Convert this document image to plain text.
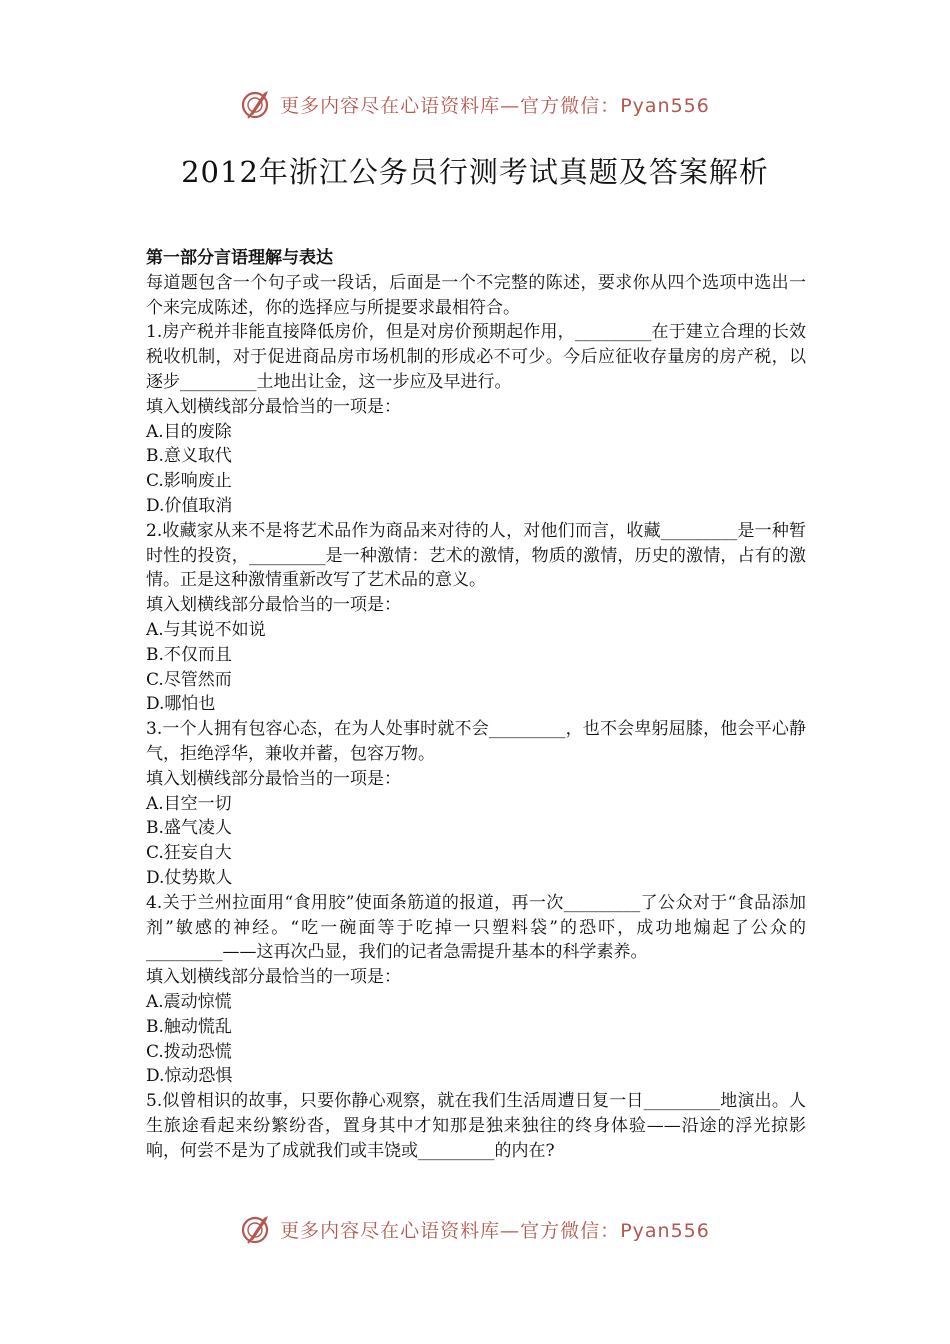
更多内容尽在心语资料库—官方微信：Pyan556
2012年浙江公务员行测考试真题及答案解析

第一部分言语理解与表达

每道题包含一个句子或一段话，后面是一个不完整的陈述，要求你从四个选项中选出一个来完成陈述，你的选择应与所提要求最相符合。

1.房产税并非能直接降低房价，但是对房价预期起作用，_________在于建立合理的长效税收机制，对于促进商品房市场机制的形成必不可少。今后应征收存量房的房产税，以逐步_________土地出让金，这一步应及早进行。

填入划横线部分最恰当的一项是：

A.目的废除

B.意义取代

C.影响废止

D.价值取消

2.收藏家从来不是将艺术品作为商品来对待的人，对他们而言，收藏_________是一种暂时性的投资，_________是一种激情：艺术的激情，物质的激情，历史的激情，占有的激情。正是这种激情重新改写了艺术品的意义。

填入划横线部分最恰当的一项是：

A.与其说不如说

B.不仅而且

C.尽管然而

D.哪怕也

3.一个人拥有包容心态，在为人处事时就不会_________，也不会卑躬屈膝，他会平心静气，拒绝浮华，兼收并蓄，包容万物。

填入划横线部分最恰当的一项是：

A.目空一切

B.盛气凌人

C.狂妄自大

D.仗势欺人

4.关于兰州拉面用“食用胶”使面条筋道的报道，再一次_________了公众对于“食品添加剂”敏感的神经。“吃一碗面等于吃掉一只塑料袋”的恐吓，成功地煽起了公众的_________——这再次凸显，我们的记者急需提升基本的科学素养。

填入划横线部分最恰当的一项是：

A.震动惊慌

B.触动慌乱

C.拨动恐慌

D.惊动恐惧

5.似曾相识的故事，只要你静心观察，就在我们生活周遭日复一日_________地演出。人生旅途看起来纷繁纷沓，置身其中才知那是独来独往的终身体验——沿途的浮光掠影响，何尝不是为了成就我们或丰饶或_________的内在?

更多内容尽在心语资料库—官方微信：Pyan556
